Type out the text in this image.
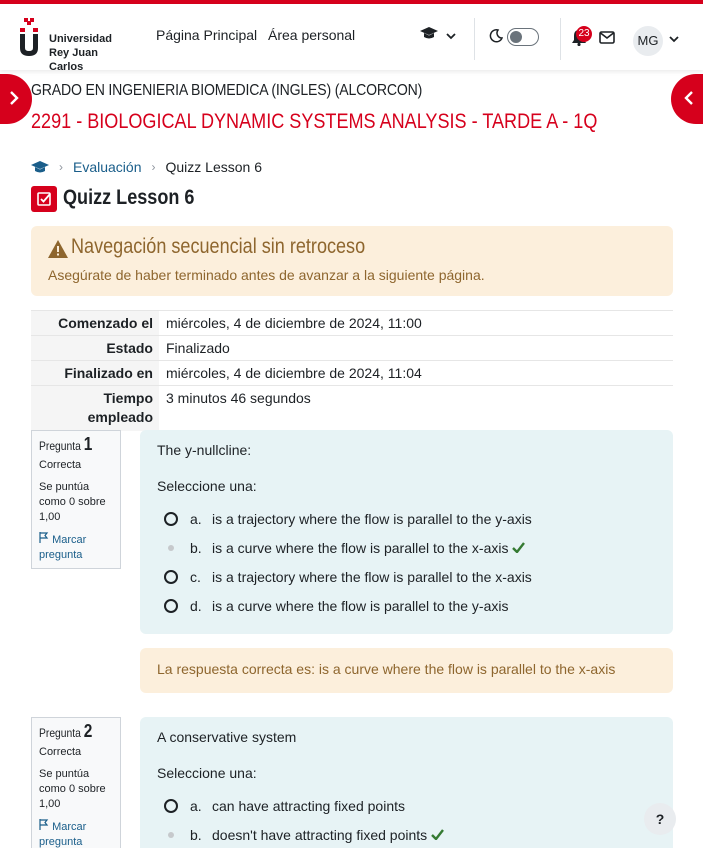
Universidad
Rey Juan Carlos
Página Principal Área personal
	23	MG
GRADO EN INGENIERIA BIOMEDICA (INGLES) (ALCORCON)
2291 - BIOLOGICAL DYNAMIC SYSTEMS ANALYSIS - TARDE A - 1Q
› Evaluación › Quizz Lesson 6
Quizz Lesson 6
Navegación secuencial sin retroceso
Asegúrate de haber terminado antes de avanzar a la siguiente página.
Comenzado el	miércoles, 4 de diciembre de 2024, 11:00
Estado	Finalizado
Finalizado en	miércoles, 4 de diciembre de 2024, 11:04
Tiempo empleado	3 minutos 46 segundos
Pregunta 1
Correcta
Se puntúa como 0 sobre 1,00
Marcar pregunta
The y-nullcline:
Seleccione una:
a. is a trajectory where the flow is parallel to the y-axis
b. is a curve where the flow is parallel to the x-axis
c. is a trajectory where the flow is parallel to the x-axis
d. is a curve where the flow is parallel to the y-axis
La respuesta correcta es: is a curve where the flow is parallel to the x-axis
Pregunta 2
Correcta
Se puntúa como 0 sobre 1,00
Marcar pregunta
A conservative system
Seleccione una:
a. can have attracting fixed points
b. doesn't have attracting fixed points
?
